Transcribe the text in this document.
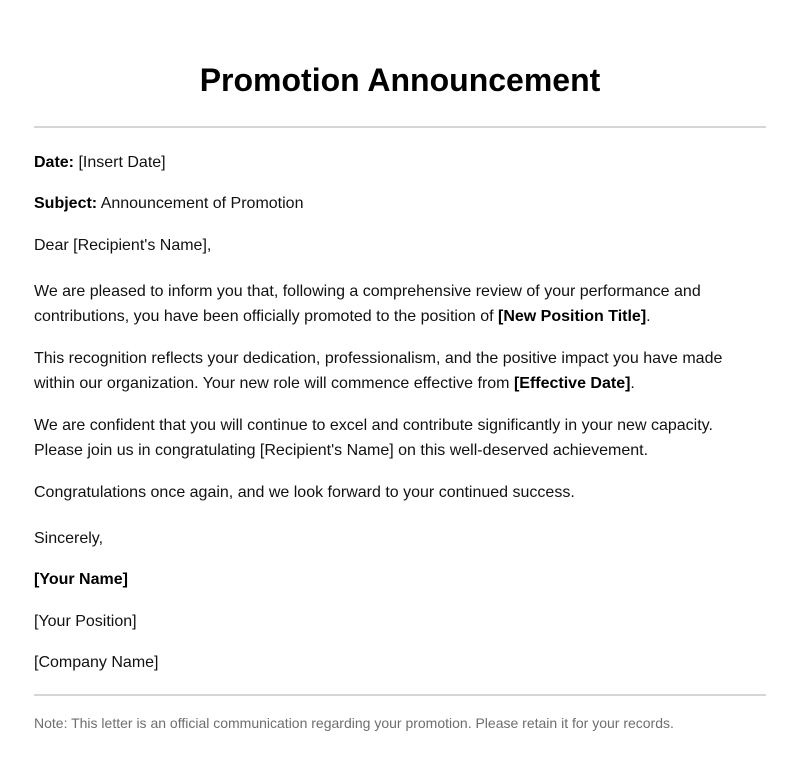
Promotion Announcement
Date: [Insert Date]
Subject: Announcement of Promotion
Dear [Recipient's Name],
We are pleased to inform you that, following a comprehensive review of your performance and contributions, you have been officially promoted to the position of [New Position Title].
This recognition reflects your dedication, professionalism, and the positive impact you have made within our organization. Your new role will commence effective from [Effective Date].
We are confident that you will continue to excel and contribute significantly in your new capacity. Please join us in congratulating [Recipient's Name] on this well-deserved achievement.
Congratulations once again, and we look forward to your continued success.
Sincerely,
[Your Name]
[Your Position]
[Company Name]
Note: This letter is an official communication regarding your promotion. Please retain it for your records.
